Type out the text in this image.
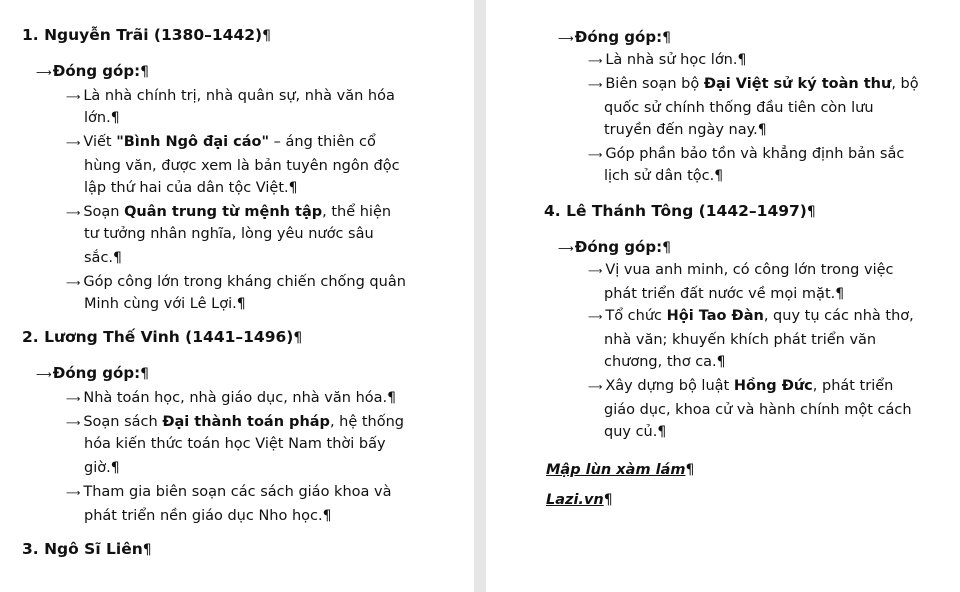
1. Nguyễn Trãi (1380–1442)¶
⟶ Đóng góp:¶
⟶ Là nhà chính trị, nhà quân sự, nhà văn hóa
lớn.¶
⟶ Viết "Bình Ngô đại cáo" – áng thiên cổ
hùng văn, được xem là bản tuyên ngôn độc
lập thứ hai của dân tộc Việt.¶
⟶ Soạn Quân trung từ mệnh tập, thể hiện
tư tưởng nhân nghĩa, lòng yêu nước sâu
sắc.¶
⟶ Góp công lớn trong kháng chiến chống quân
Minh cùng với Lê Lợi.¶
2. Lương Thế Vinh (1441–1496)¶
⟶ Đóng góp:¶
⟶ Nhà toán học, nhà giáo dục, nhà văn hóa.¶
⟶ Soạn sách Đại thành toán pháp, hệ thống
hóa kiến thức toán học Việt Nam thời bấy
giờ.¶
⟶ Tham gia biên soạn các sách giáo khoa và
phát triển nền giáo dục Nho học.¶
3. Ngô Sĩ Liên¶
⟶ Đóng góp:¶
⟶ Là nhà sử học lớn.¶
⟶ Biên soạn bộ Đại Việt sử ký toàn thư, bộ
quốc sử chính thống đầu tiên còn lưu
truyền đến ngày nay.¶
⟶ Góp phần bảo tồn và khẳng định bản sắc
lịch sử dân tộc.¶
4. Lê Thánh Tông (1442–1497)¶
⟶ Đóng góp:¶
⟶ Vị vua anh minh, có công lớn trong việc
phát triển đất nước về mọi mặt.¶
⟶ Tổ chức Hội Tao Đàn, quy tụ các nhà thơ,
nhà văn; khuyến khích phát triển văn
chương, thơ ca.¶
⟶ Xây dựng bộ luật Hồng Đức, phát triển
giáo dục, khoa cử và hành chính một cách
quy củ.¶
Mập lùn xàm lám¶
Lazi.vn¶
